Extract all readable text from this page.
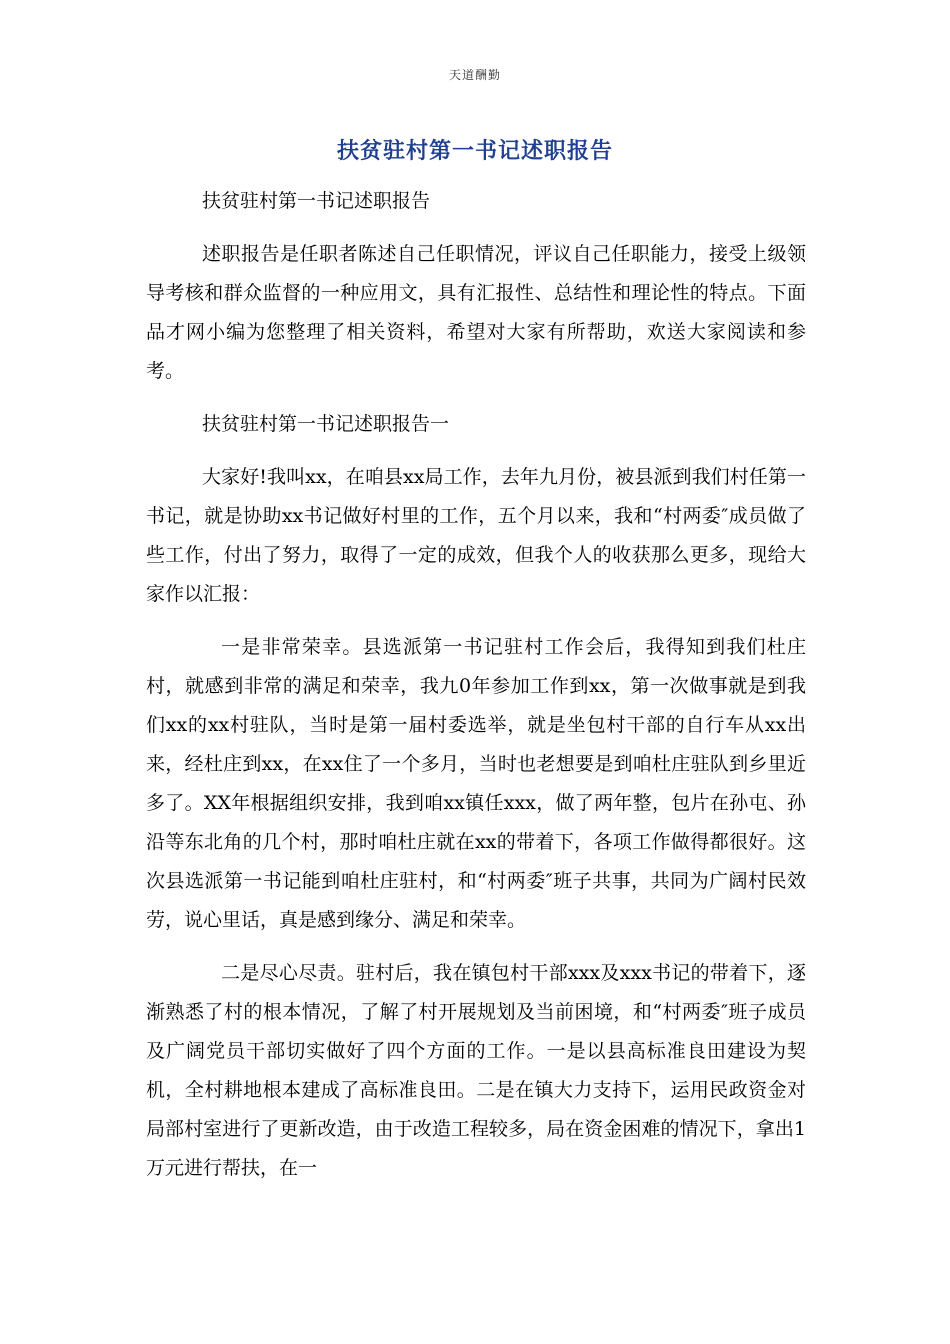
天道酬勤
扶贫驻村第一书记述职报告

扶贫驻村第一书记述职报告

述职报告是任职者陈述自己任职情况，评议自己任职能力，接受上级领导考核和群众监督的一种应用文，具有汇报性、总结性和理论性的特点。下面品才网小编为您整理了相关资料，希望对大家有所帮助，欢送大家阅读和参考。

扶贫驻村第一书记述职报告一

大家好!我叫xx，在咱县xx局工作，去年九月份，被县派到我们村任第一书记，就是协助xx书记做好村里的工作，五个月以来，我和“村两委″成员做了些工作，付出了努力，取得了一定的成效，但我个人的收获那么更多，现给大家作以汇报：

一是非常荣幸。县选派第一书记驻村工作会后，我得知到我们杜庄村，就感到非常的满足和荣幸，我九0年参加工作到xx，第一次做事就是到我们xx的xx村驻队，当时是第一届村委选举，就是坐包村干部的自行车从xx出来，经杜庄到xx，在xx住了一个多月，当时也老想要是到咱杜庄驻队到乡里近多了。XX年根据组织安排，我到咱xx镇任xxx，做了两年整，包片在孙屯、孙沿等东北角的几个村，那时咱杜庄就在xx的带着下，各项工作做得都很好。这次县选派第一书记能到咱杜庄驻村，和“村两委″班子共事，共同为广阔村民效劳，说心里话，真是感到缘分、满足和荣幸。

二是尽心尽责。驻村后，我在镇包村干部xxx及xxx书记的带着下，逐渐熟悉了村的根本情况，了解了村开展规划及当前困境，和“村两委″班子成员及广阔党员干部切实做好了四个方面的工作。一是以县高标准良田建设为契机，全村耕地根本建成了高标准良田。二是在镇大力支持下，运用民政资金对局部村室进行了更新改造，由于改造工程较多，局在资金困难的情况下，拿出1万元进行帮扶，在一
